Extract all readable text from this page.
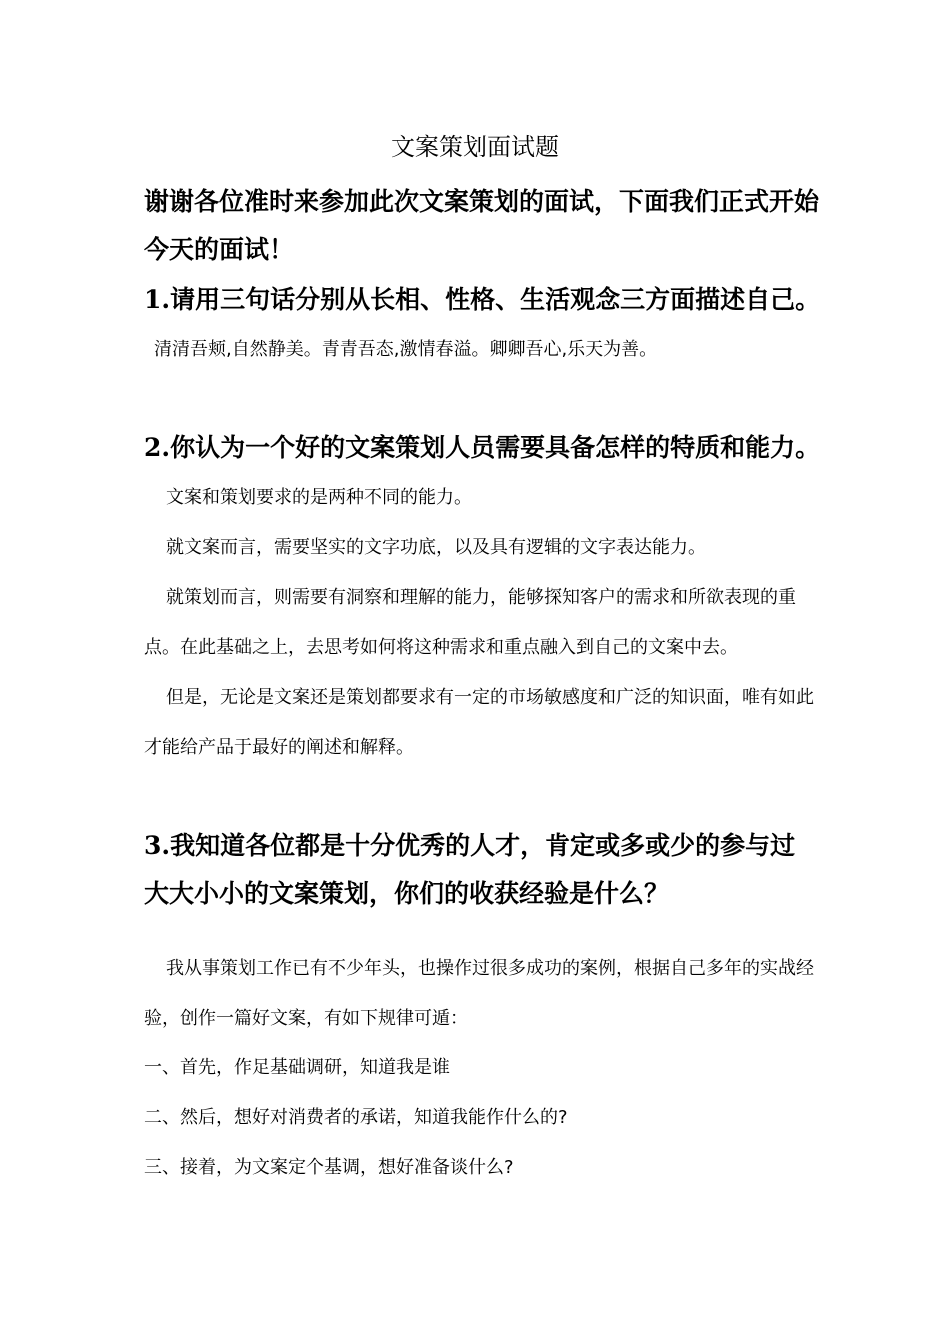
文案策划面试题
谢谢各位准时来参加此次文案策划的面试，下面我们正式开始今天的面试！
1.请用三句话分别从长相、性格、生活观念三方面描述自己。
清清吾颊,自然静美。青青吾态,激情春溢。卿卿吾心,乐天为善。
2.你认为一个好的文案策划人员需要具备怎样的特质和能力。
文案和策划要求的是两种不同的能力。
就文案而言，需要坚实的文字功底，以及具有逻辑的文字表达能力。
就策划而言，则需要有洞察和理解的能力，能够探知客户的需求和所欲表现的重点。在此基础之上，去思考如何将这种需求和重点融入到自己的文案中去。
但是，无论是文案还是策划都要求有一定的市场敏感度和广泛的知识面，唯有如此才能给产品于最好的阐述和解释。
3.我知道各位都是十分优秀的人才，肯定或多或少的参与过大大小小的文案策划，你们的收获经验是什么？
我从事策划工作已有不少年头，也操作过很多成功的案例，根据自己多年的实战经验，创作一篇好文案，有如下规律可遁：
一、首先，作足基础调研，知道我是谁
二、然后，想好对消费者的承诺，知道我能作什么的?
三、接着，为文案定个基调，想好准备谈什么?
